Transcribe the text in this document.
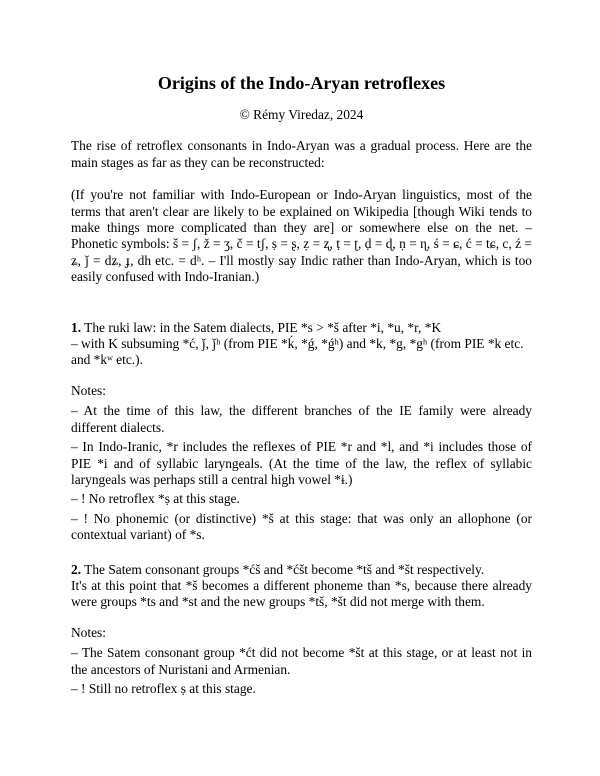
Origins of the Indo-Aryan retroflexes

© Rémy Viredaz, 2024

The rise of retroflex consonants in Indo-Aryan was a gradual process. Here are the main stages as far as they can be reconstructed:

(If you're not familiar with Indo-European or Indo-Aryan linguistics, most of the terms that aren't clear are likely to be explained on Wikipedia [though Wiki tends to make things more complicated than they are] or somewhere else on the net. – Phonetic symbols: š = ʃ, ž = ʒ, č = tʃ, ṣ = ʂ, ẓ = ʐ, ṭ = ʈ, ḍ = ɖ, ṇ = ɳ, ś = ɕ, ć = tɕ, c, ź = ʑ, ǰ = dʑ, ɟ, dh etc. = dʰ. – I'll mostly say Indic rather than Indo-Aryan, which is too easily confused with Indo-Iranian.)

1. The ruki law: in the Satem dialects, PIE *s > *š after *i, *u, *r, *K

– with K subsuming *ć, ǰ, ǰʰ (from PIE *ḱ, *ǵ, *ǵʰ) and *k, *g, *gʰ (from PIE *k etc. and *kʷ etc.).

Notes:

– At the time of this law, the different branches of the IE family were already different dialects.

– In Indo-Iranic, *r includes the reflexes of PIE *r and *l, and *i includes those of PIE *i and of syllabic laryngeals. (At the time of the law, the reflex of syllabic laryngeals was perhaps still a central high vowel *ɨ.)

– ! No retroflex *ṣ at this stage.

– ! No phonemic (or distinctive) *š at this stage: that was only an allophone (or contextual variant) of *s.

2. The Satem consonant groups *ćš and *ćšt become *tš and *št respectively.

It's at this point that *š becomes a different phoneme than *s, because there already were groups *ts and *st and the new groups *tš, *št did not merge with them.

Notes:

– The Satem consonant group *ćt did not become *št at this stage, or at least not in the ancestors of Nuristani and Armenian.

– ! Still no retroflex ṣ at this stage.
